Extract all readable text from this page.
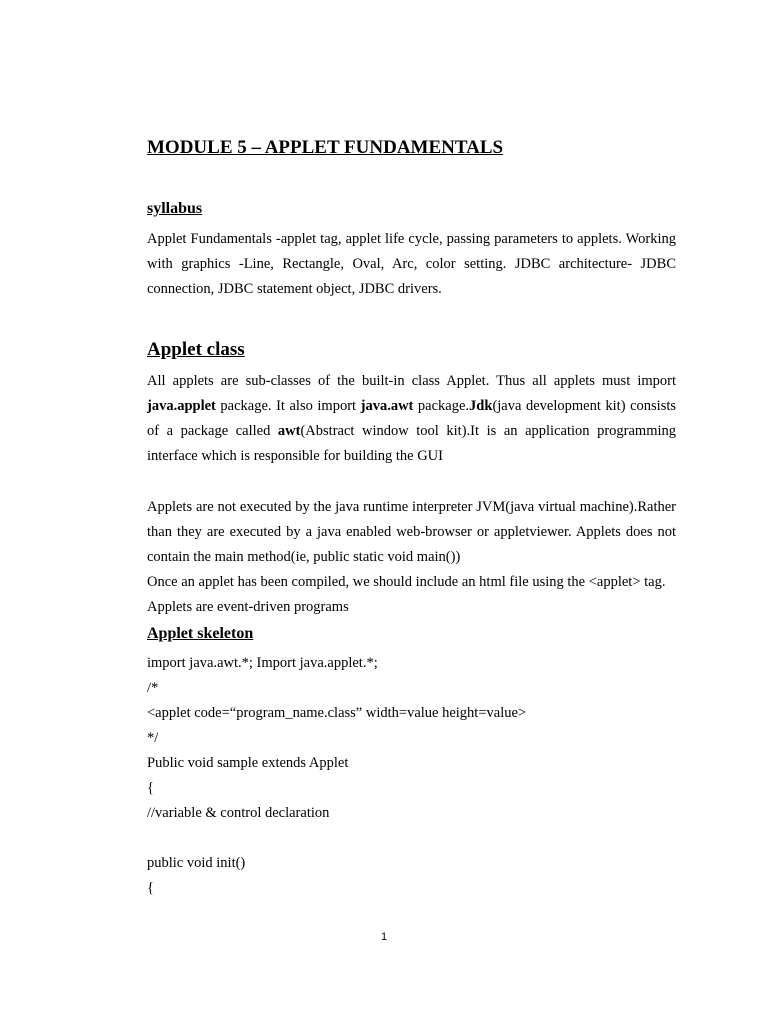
MODULE 5 – APPLET FUNDAMENTALS
syllabus
Applet Fundamentals -applet tag, applet life cycle, passing parameters to applets. Working with graphics -Line, Rectangle, Oval, Arc, color setting. JDBC architecture- JDBC connection, JDBC statement object, JDBC drivers.
Applet class
All applets are sub-classes of the built-in class Applet. Thus all applets must import java.applet package. It also import java.awt package.Jdk(java development kit) consists of a package called awt(Abstract window tool kit).It is an application programming interface which is responsible for building the GUI
Applets are not executed by the java runtime interpreter JVM(java virtual machine).Rather than they are executed by a java enabled web-browser or appletviewer. Applets does not contain the main method(ie, public static void main())
Once an applet has been compiled, we should include an html file using the <applet> tag. Applets are event-driven programs
Applet skeleton
import java.awt.*; Import java.applet.*;
/*
<applet code=“program_name.class” width=value height=value>
*/
Public void sample extends Applet
{
//variable & control declaration
public void init()
{
1
